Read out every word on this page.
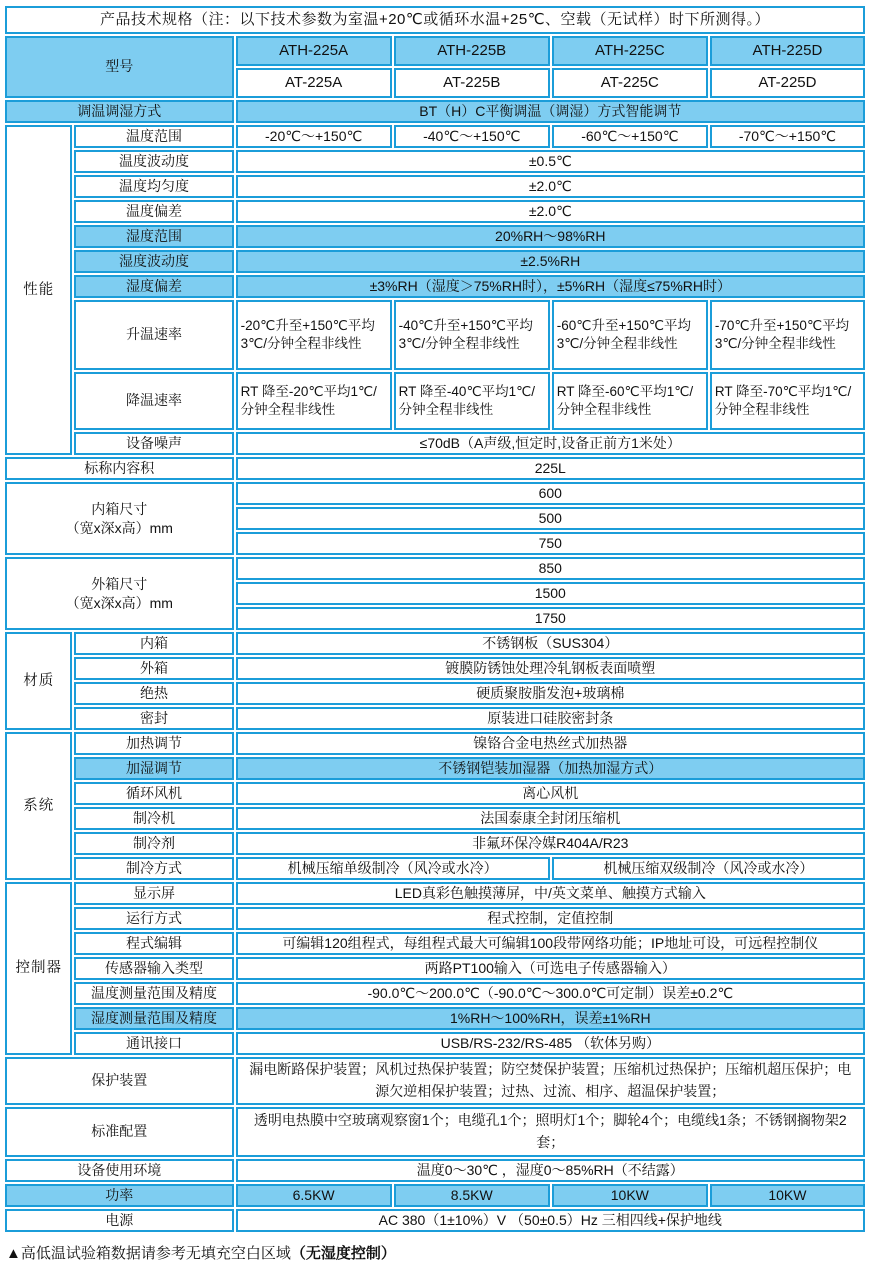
产品技术规格（注：以下技术参数为室温+20℃或循环水温+25℃、空载（无试样）时下所测得。）					
型号		ATH-225A	ATH-225B	ATH-225C	ATH-225D
		AT-225A	AT-225B	AT-225C	AT-225D
调温调湿方式		BT（H）C平衡调温（调湿）方式智能调节			
性能	温度范围	-20℃～+150℃	-40℃～+150℃	-60℃～+150℃	-70℃～+150℃
	温度波动度	±0.5℃			
	温度均匀度	±2.0℃			
	温度偏差	±2.0℃			
	湿度范围	20%RH～98%RH			
	湿度波动度	±2.5%RH			
	湿度偏差	±3%RH（湿度＞75%RH时），±5%RH（湿度≤75%RH时）			
	升温速率	-20℃升至+150℃平均3℃/分钟全程非线性	-40℃升至+150℃平均3℃/分钟全程非线性	-60℃升至+150℃平均3℃/分钟全程非线性	-70℃升至+150℃平均3℃/分钟全程非线性
	降温速率	RT 降至-20℃平均1℃/分钟全程非线性	RT 降至-40℃平均1℃/分钟全程非线性	RT 降至-60℃平均1℃/分钟全程非线性	RT 降至-70℃平均1℃/分钟全程非线性
	设备噪声	≤70dB（A声级,恒定时,设备正前方1米处）			
标称内容积		225L			

内箱尺寸
（宽x深x高）mm		600			
		500			
		750			

外箱尺寸
（宽x深x高）mm		850			
		1500			
		1750			
材质	内箱	不锈钢板（SUS304）			
	外箱	镀膜防锈蚀处理冷轧钢板表面喷塑			
	绝热	硬质聚胺脂发泡+玻璃棉			
	密封	原装进口硅胶密封条			
系统	加热调节	镍铬合金电热丝式加热器			
	加湿调节	不锈钢铠装加湿器（加热加湿方式）			
	循环风机	离心风机			
	制冷机	法国泰康全封闭压缩机			
	制冷剂	非氟环保冷媒R404A/R23			
	制冷方式	机械压缩单级制冷（风冷或水冷）		机械压缩双级制冷（风冷或水冷）	
控制器	显示屏	LED真彩色触摸薄屏，中/英文菜单、触摸方式输入			
	运行方式	程式控制，定值控制			
	程式编辑	可编辑120组程式，每组程式最大可编辑100段带网络功能；IP地址可设，可远程控制仪			
	传感器输入类型	两路PT100输入（可选电子传感器输入）			
	温度测量范围及精度	-90.0℃～200.0℃（-90.0℃～300.0℃可定制）误差±0.2℃			
	湿度测量范围及精度	1%RH～100%RH，误差±1%RH			
	通讯接口	USB/RS-232/RS-485 （软体另购）			
保护装置		漏电断路保护装置；风机过热保护装置；防空焚保护装置；压缩机过热保护；压缩机超压保护；电源欠逆相保护装置；过热、过流、相序、超温保护装置；			
标准配置		透明电热膜中空玻璃观察窗1个；电缆孔1个；照明灯1个；脚轮4个；电缆线1条；不锈钢搁物架2套；			
设备使用环境		温度0～30℃ ，湿度0～85%RH（不结露）			
功率		6.5KW	8.5KW	10KW	10KW
电源		AC 380（1±10%）V （50±0.5）Hz 三相四线+保护地线			
▲高低温试验箱数据请参考无填充空白区域（无湿度控制）
